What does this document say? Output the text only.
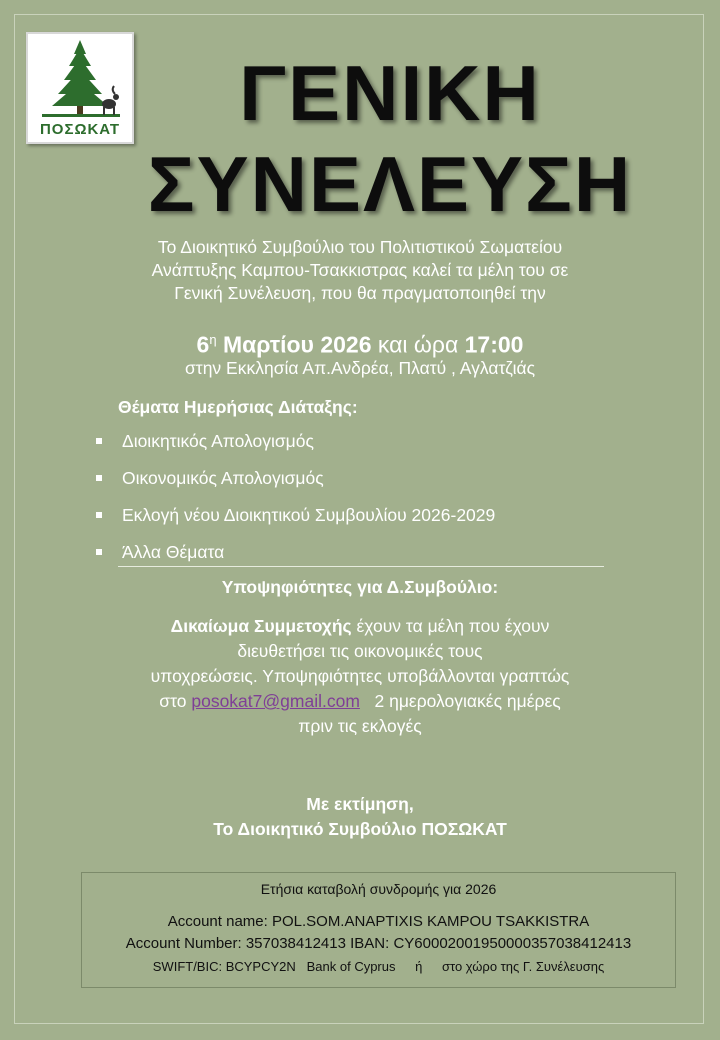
ΠΟΣΩΚΑΤ	ΓΕΝΙΚΗ
ΣΥΝΕΛΕΥΣΗ
Το Διοικητικό Συμβούλιο του Πολιτιστικού Σωματείου
Ανάπτυξης Καμπου-Τσακκιστρας καλεί τα μέλη του σε
Γενική Συνέλευση, που θα πραγματοποιηθεί την
$6^\eta$ Μαρτίου 2026 και ώρα 17:00
στην Εκκλησία Απ.Ανδρέα, Πλατύ , Αγλατζιάς
Θέματα Ημερήσιας Διάταξης:
Διοικητικός Απολογισμός
Οικονομικός Απολογισμός
Εκλογή νέου Διοικητικού Συμβουλίου 2026-2029
Άλλα Θέματα
Υποψηφιότητες για Δ.Συμβούλιο:
Δικαίωμα Συμμετοχής έχουν τα μέλη που έχουν
διευθετήσει τις οικονομικές τους
υποχρεώσεις. Υποψηφιότητες υποβάλλονται γραπτώς
στο posokat7@gmail.com   2 ημερολογιακές ημέρες
πριν τις εκλογές
Με εκτίμηση,
Το Διοικητικό Συμβούλιο ΠΟΣΩΚΑΤ
Ετήσια καταβολή συνδρομής για 2026
Account name: POL.SOM.ANAPTIXIS KAMPOU TSAKKISTRA
Account Number: 357038412413 IBAN: CY60002001950000357038412413
SWIFT/BIC: BCYPCY2N   Bank of Cyprus ή στο χώρο της Γ. Συνέλευσης
